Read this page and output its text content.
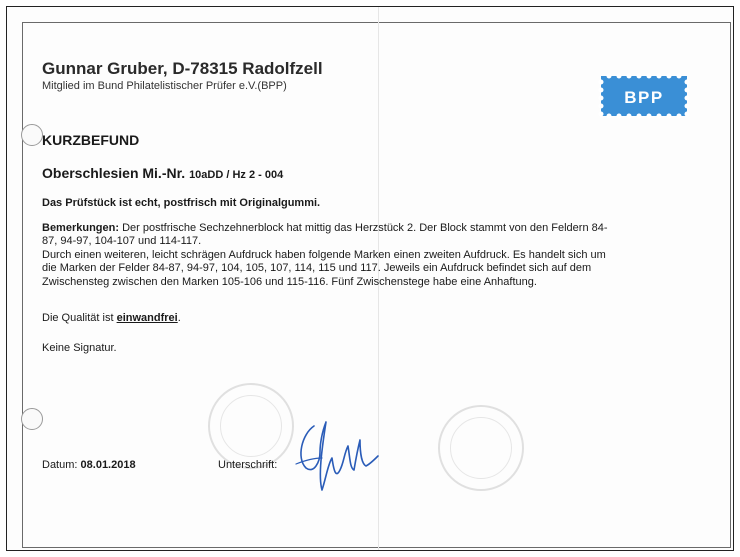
Gunnar Gruber, D-78315 Radolfzell
Mitglied im Bund Philatelistischer Prüfer e.V.(BPP)
BPP
KURZBEFUND
Oberschlesien Mi.-Nr. 10aDD / Hz 2 - 004
Das Prüfstück ist echt, postfrisch mit Originalgummi.
Bemerkungen: Der postfrische Sechzehnerblock hat mittig das Herzstück 2. Der Block stammt von den Feldern 84-
87, 94-97, 104-107 und 114-117.
Durch einen weiteren, leicht schrägen Aufdruck haben folgende Marken einen zweiten Aufdruck. Es handelt sich um
die Marken der Felder 84-87, 94-97, 104, 105, 107, 114, 115 und 117. Jeweils ein Aufdruck befindet sich auf dem
Zwischensteg zwischen den Marken 105-106 und 115-116. Fünf Zwischenstege habe eine Anhaftung.
Die Qualität ist einwandfrei.
Keine Signatur.
Datum: 08.01.2018	Unterschrift:
